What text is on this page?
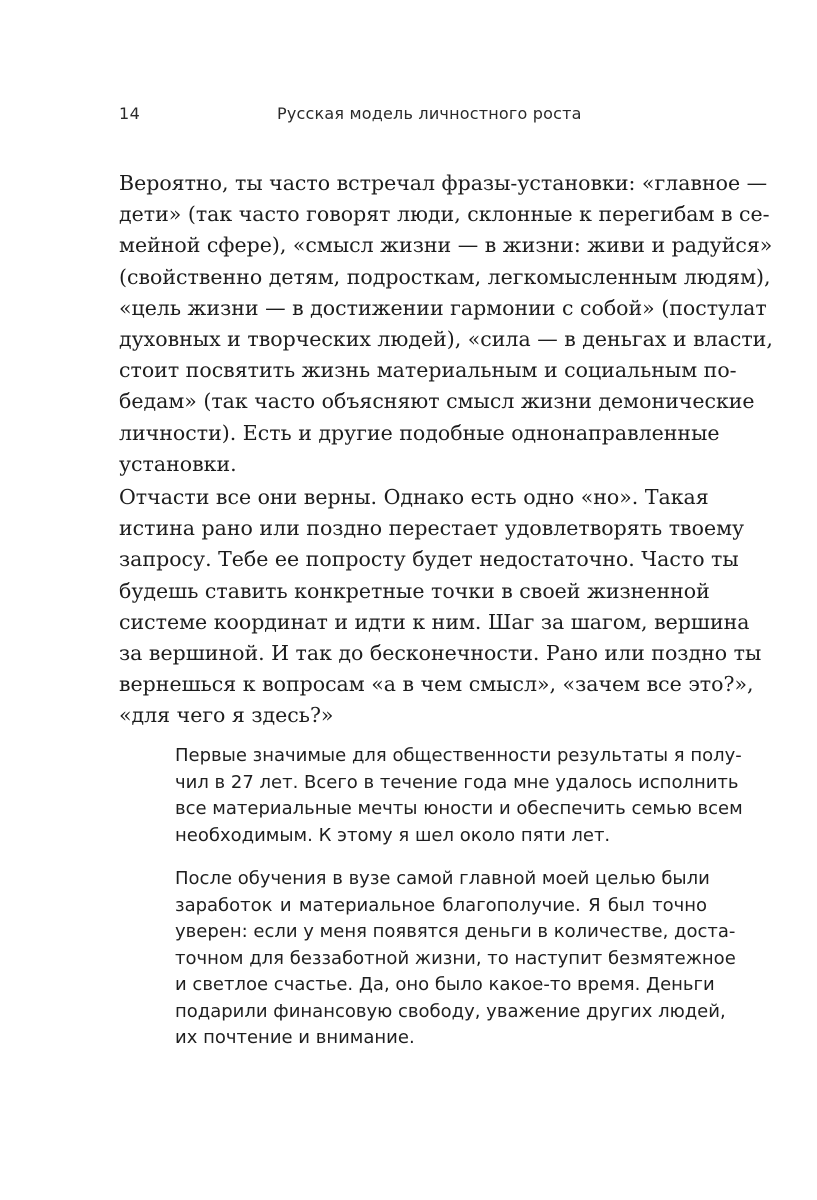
14	Русская модель личностного роста
Вероятно, ты часто встречал фразы-установки: «главное —
дети» (так часто говорят люди, склонные к перегибам в се-
мейной сфере), «смысл жизни — в жизни: живи и радуйся»
(свойственно детям, подросткам, легкомысленным людям),
«цель жизни — в достижении гармонии с собой» (постулат
духовных и творческих людей), «сила — в деньгах и власти,
стоит посвятить жизнь материальным и социальным по-
бедам» (так часто объясняют смысл жизни демонические
личности). Есть и другие подобные однонаправленные
установки.
Отчасти все они верны. Однако есть одно «но». Такая
истина рано или поздно перестает удовлетворять твоему
запросу. Тебе ее попросту будет недостаточно. Часто ты
будешь ставить конкретные точки в своей жизненной
системе координат и идти к ним. Шаг за шагом, вершина
за вершиной. И так до бесконечности. Рано или поздно ты
вернешься к вопросам «а в чем смысл», «зачем все это?»,
«для чего я здесь?»
Первые значимые для общественности результаты я полу-
чил в 27 лет. Всего в течение года мне удалось исполнить
все материальные мечты юности и обеспечить семью всем
необходимым. К этому я шел около пяти лет.
После обучения в вузе самой главной моей целью были
заработок и материальное благополучие. Я был точно
уверен: если у меня появятся деньги в количестве, доста-
точном для беззаботной жизни, то наступит безмятежное
и светлое счастье. Да, оно было какое-то время. Деньги
подарили финансовую свободу, уважение других людей,
их почтение и внимание.
